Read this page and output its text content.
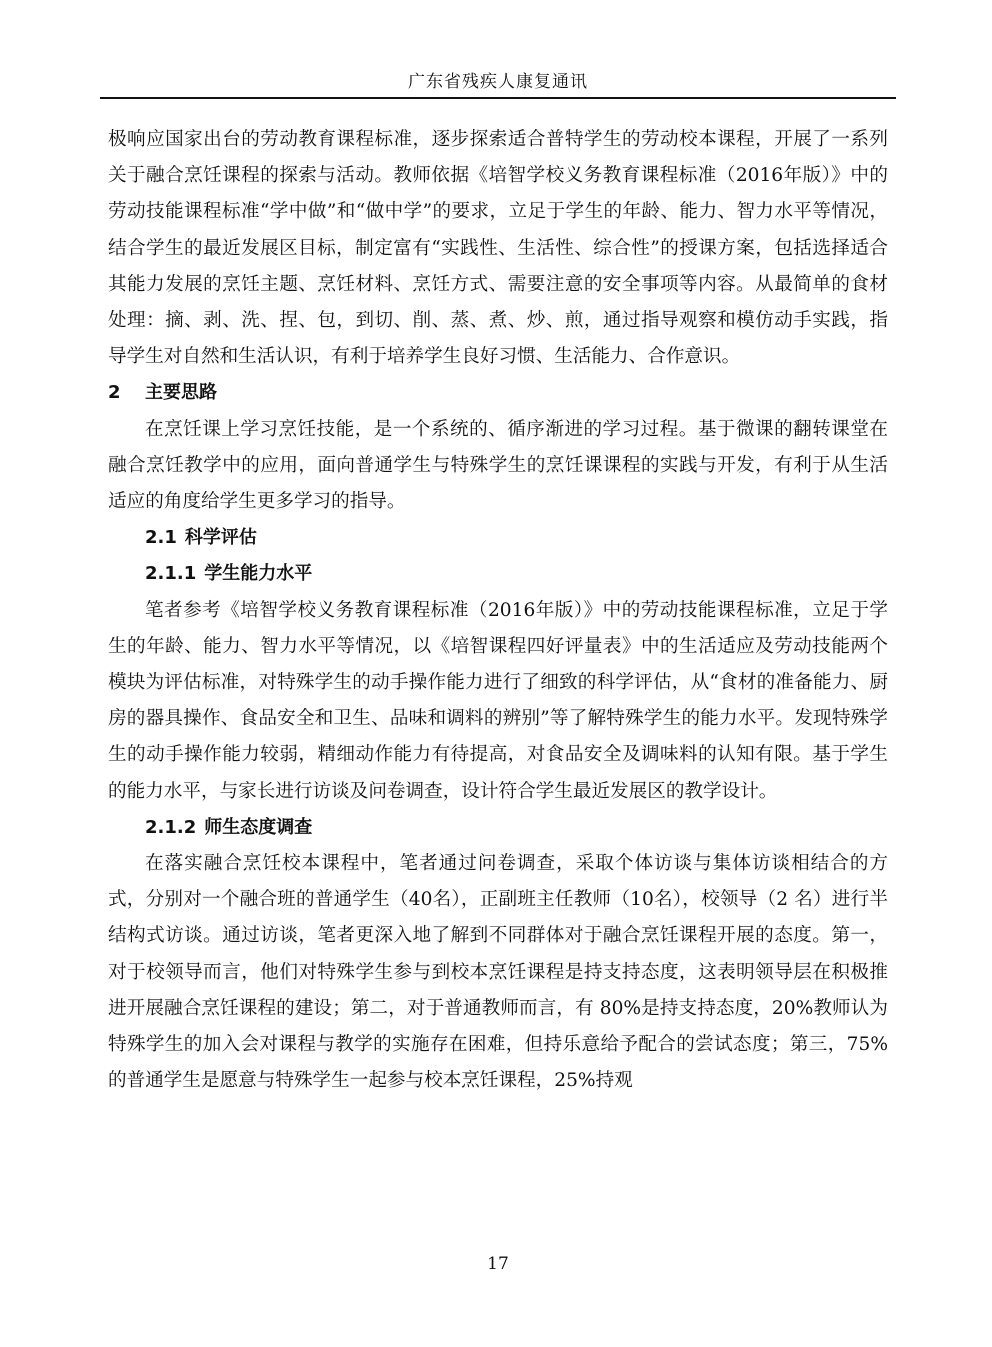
广东省残疾人康复通讯

极响应国家出台的劳动教育课程标准，逐步探索适合普特学生的劳动校本课程，开展了一系列关于融合烹饪课程的探索与活动。教师依据《培智学校义务教育课程标准（2016年版）》中的劳动技能课程标准“学中做”和“做中学”的要求，立足于学生的年龄、能力、智力水平等情况，结合学生的最近发展区目标，制定富有“实践性、生活性、综合性”的授课方案，包括选择适合其能力发展的烹饪主题、烹饪材料、烹饪方式、需要注意的安全事项等内容。从最简单的食材处理：摘、剥、洗、捏、包，到切、削、蒸、煮、炒、煎，通过指导观察和模仿动手实践，指导学生对自然和生活认识，有利于培养学生良好习惯、生活能力、合作意识。

2 主要思路

在烹饪课上学习烹饪技能，是一个系统的、循序渐进的学习过程。基于微课的翻转课堂在融合烹饪教学中的应用，面向普通学生与特殊学生的烹饪课课程的实践与开发，有利于从生活适应的角度给学生更多学习的指导。

2.1 科学评估
2.1.1 学生能力水平

笔者参考《培智学校义务教育课程标准（2016年版）》中的劳动技能课程标准，立足于学生的年龄、能力、智力水平等情况，以《培智课程四好评量表》中的生活适应及劳动技能两个模块为评估标准，对特殊学生的动手操作能力进行了细致的科学评估，从“食材的准备能力、厨房的器具操作、食品安全和卫生、品味和调料的辨别”等了解特殊学生的能力水平。发现特殊学生的动手操作能力较弱，精细动作能力有待提高，对食品安全及调味料的认知有限。基于学生的能力水平，与家长进行访谈及问卷调查，设计符合学生最近发展区的教学设计。

2.1.2 师生态度调查

在落实融合烹饪校本课程中，笔者通过问卷调查，采取个体访谈与集体访谈相结合的方式，分别对一个融合班的普通学生（40名），正副班主任教师（10名），校领导（2 名）进行半结构式访谈。通过访谈，笔者更深入地了解到不同群体对于融合烹饪课程开展的态度。第一，对于校领导而言，他们对特殊学生参与到校本烹饪课程是持支持态度，这表明领导层在积极推进开展融合烹饪课程的建设；第二，对于普通教师而言，有 80%是持支持态度，20%教师认为特殊学生的加入会对课程与教学的实施存在困难，但持乐意给予配合的尝试态度；第三，75%的普通学生是愿意与特殊学生一起参与校本烹饪课程，25%持观

17
